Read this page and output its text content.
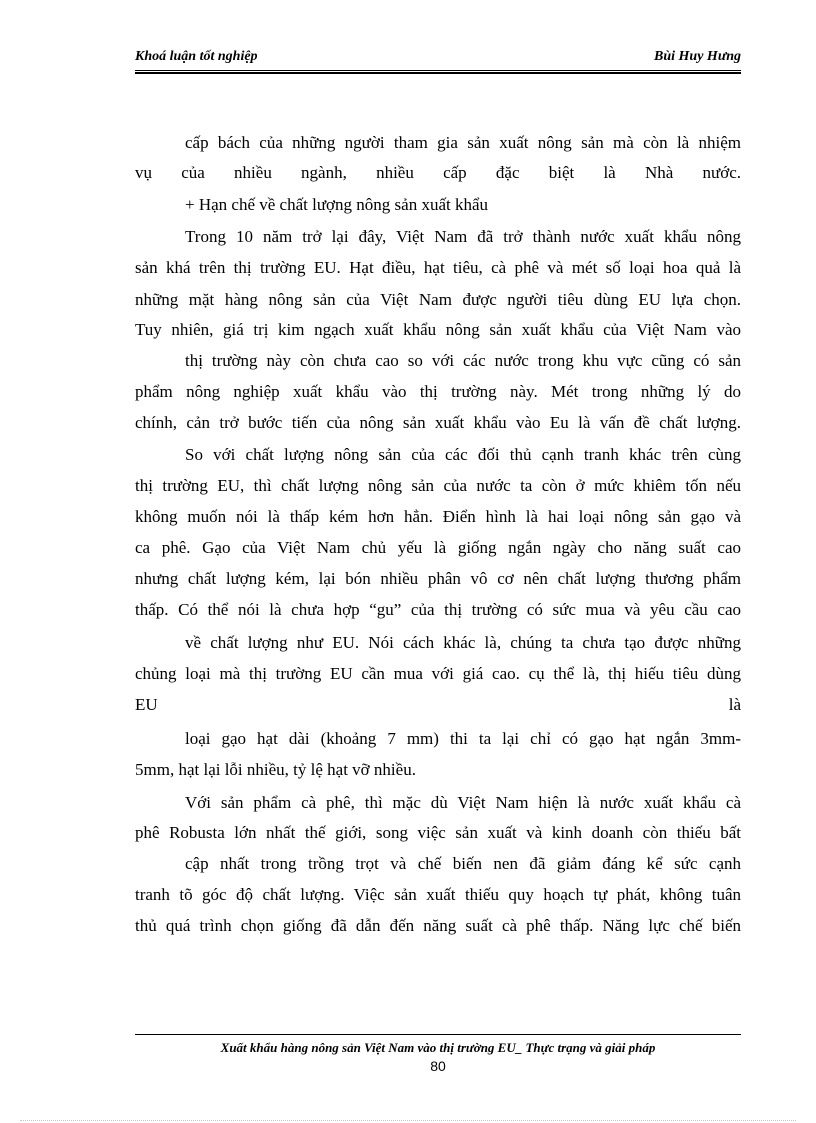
Khoá luận tốt nghiệp	Bùi Huy Hưng
cấp bách của những người tham gia sản xuất nông sản mà còn là nhiệm
vụ của nhiều ngành, nhiều cấp đặc biệt là Nhà nước.
+ Hạn chế về chất lượng nông sản xuất khẩu
Trong 10 năm trở lại đây, Việt Nam đã trở thành nước xuất khẩu nông
sản khá trên thị trường EU. Hạt điều, hạt tiêu, cà phê và mét số loại hoa quả là
những mặt hàng nông sản của Việt Nam được người tiêu dùng EU lựa chọn.
Tuy nhiên, giá trị kim ngạch xuất khẩu nông sản xuất khẩu của Việt Nam vào
thị trường này còn chưa cao so với các nước trong khu vực cũng có sản
phẩm nông nghiệp xuất khẩu vào thị trường này. Mét trong những lý do
chính, cản trở bước tiến của nông sản xuất khẩu vào Eu là vấn đề chất lượng.
So với chất lượng nông sản của các đối thủ cạnh tranh khác trên cùng
thị trường EU, thì chất lượng nông sản của nước ta còn ở mức khiêm tốn nếu
không muốn nói là thấp kém hơn hẳn. Điển hình là hai loại nông sản gạo và
ca phê. Gạo của Việt Nam chủ yếu là giống ngắn ngày cho năng suất cao
nhưng chất lượng kém, lại bón nhiều phân vô cơ nên chất lượng thương phẩm
thấp. Có thể nói là chưa hợp “gu” của thị trường có sức mua và yêu cầu cao
về chất lượng như EU. Nói cách khác là, chúng ta chưa tạo được những
chủng loại mà thị trường EU cần mua với giá cao. cụ thể là, thị hiếu tiêu dùng
EU là
loại gạo hạt dài (khoảng 7 mm) thi ta lại chỉ có gạo hạt ngắn 3mm-
5mm, hạt lại lỗi nhiều, tỷ lệ hạt vỡ nhiều.
Với sản phẩm cà phê, thì mặc dù Việt Nam hiện là nước xuất khẩu cà
phê Robusta lớn nhất thế giới, song việc sản xuất và kinh doanh còn thiếu bất
cập nhất trong trồng trọt và chế biến nen đã giảm đáng kể sức cạnh
tranh tõ góc độ chất lượng. Việc sản xuất thiếu quy hoạch tự phát, không tuân
thủ quá trình chọn giống đã dẫn đến năng suất cà phê thấp. Năng lực chế biến
Xuất khẩu hàng nông sản Việt Nam vào thị trường EU_ Thực trạng và giải pháp
80
